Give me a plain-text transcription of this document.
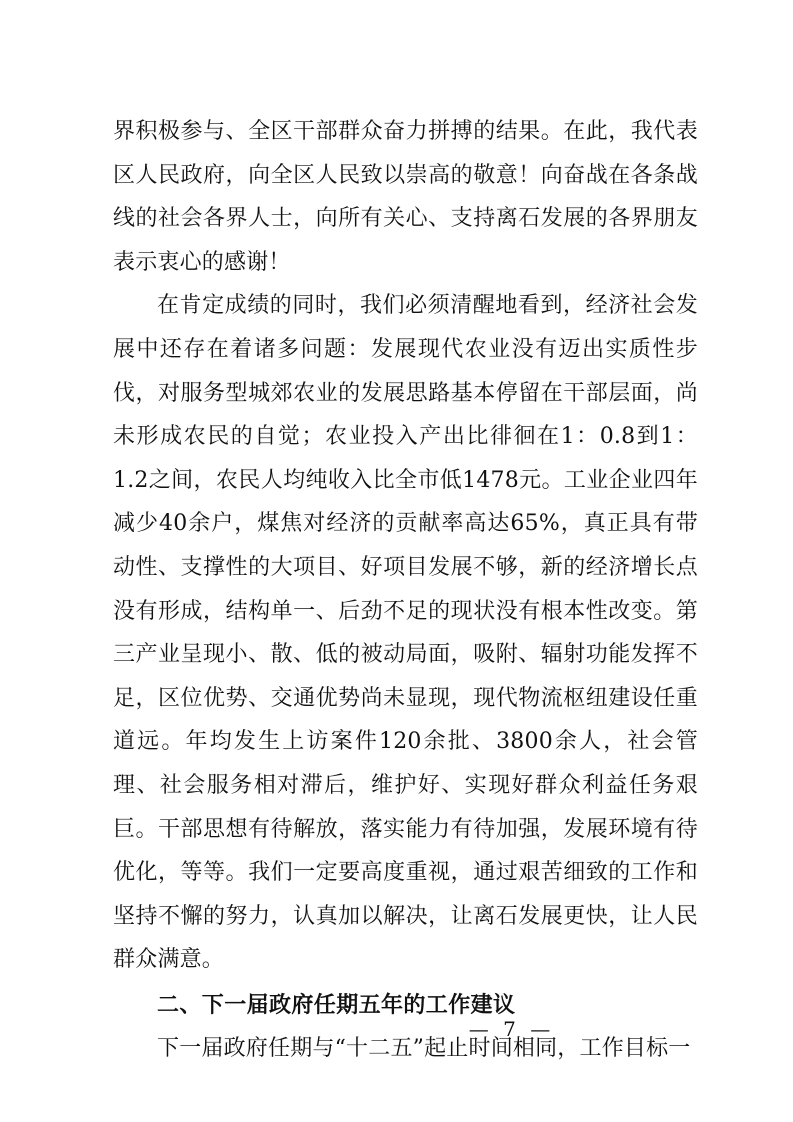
界积极参与、全区干部群众奋力拼搏的结果。在此，我代表区人民政府，向全区人民致以崇高的敬意！向奋战在各条战线的社会各界人士，向所有关心、支持离石发展的各界朋友表示衷心的感谢！

在肯定成绩的同时，我们必须清醒地看到，经济社会发展中还存在着诸多问题：发展现代农业没有迈出实质性步伐，对服务型城郊农业的发展思路基本停留在干部层面，尚未形成农民的自觉；农业投入产出比徘徊在1：0.8到1：1.2之间，农民人均纯收入比全市低1478元。工业企业四年减少40余户，煤焦对经济的贡献率高达65%，真正具有带动性、支撑性的大项目、好项目发展不够，新的经济增长点没有形成，结构单一、后劲不足的现状没有根本性改变。第三产业呈现小、散、低的被动局面，吸附、辐射功能发挥不足，区位优势、交通优势尚未显现，现代物流枢纽建设任重道远。年均发生上访案件120余批、3800余人，社会管理、社会服务相对滞后，维护好、实现好群众利益任务艰巨。干部思想有待解放，落实能力有待加强，发展环境有待优化，等等。我们一定要高度重视，通过艰苦细致的工作和坚持不懈的努力，认真加以解决，让离石发展更快，让人民群众满意。

二、下一届政府任期五年的工作建议

下一届政府任期与“十二五”起止时间相同，工作目标一

— 7 —
